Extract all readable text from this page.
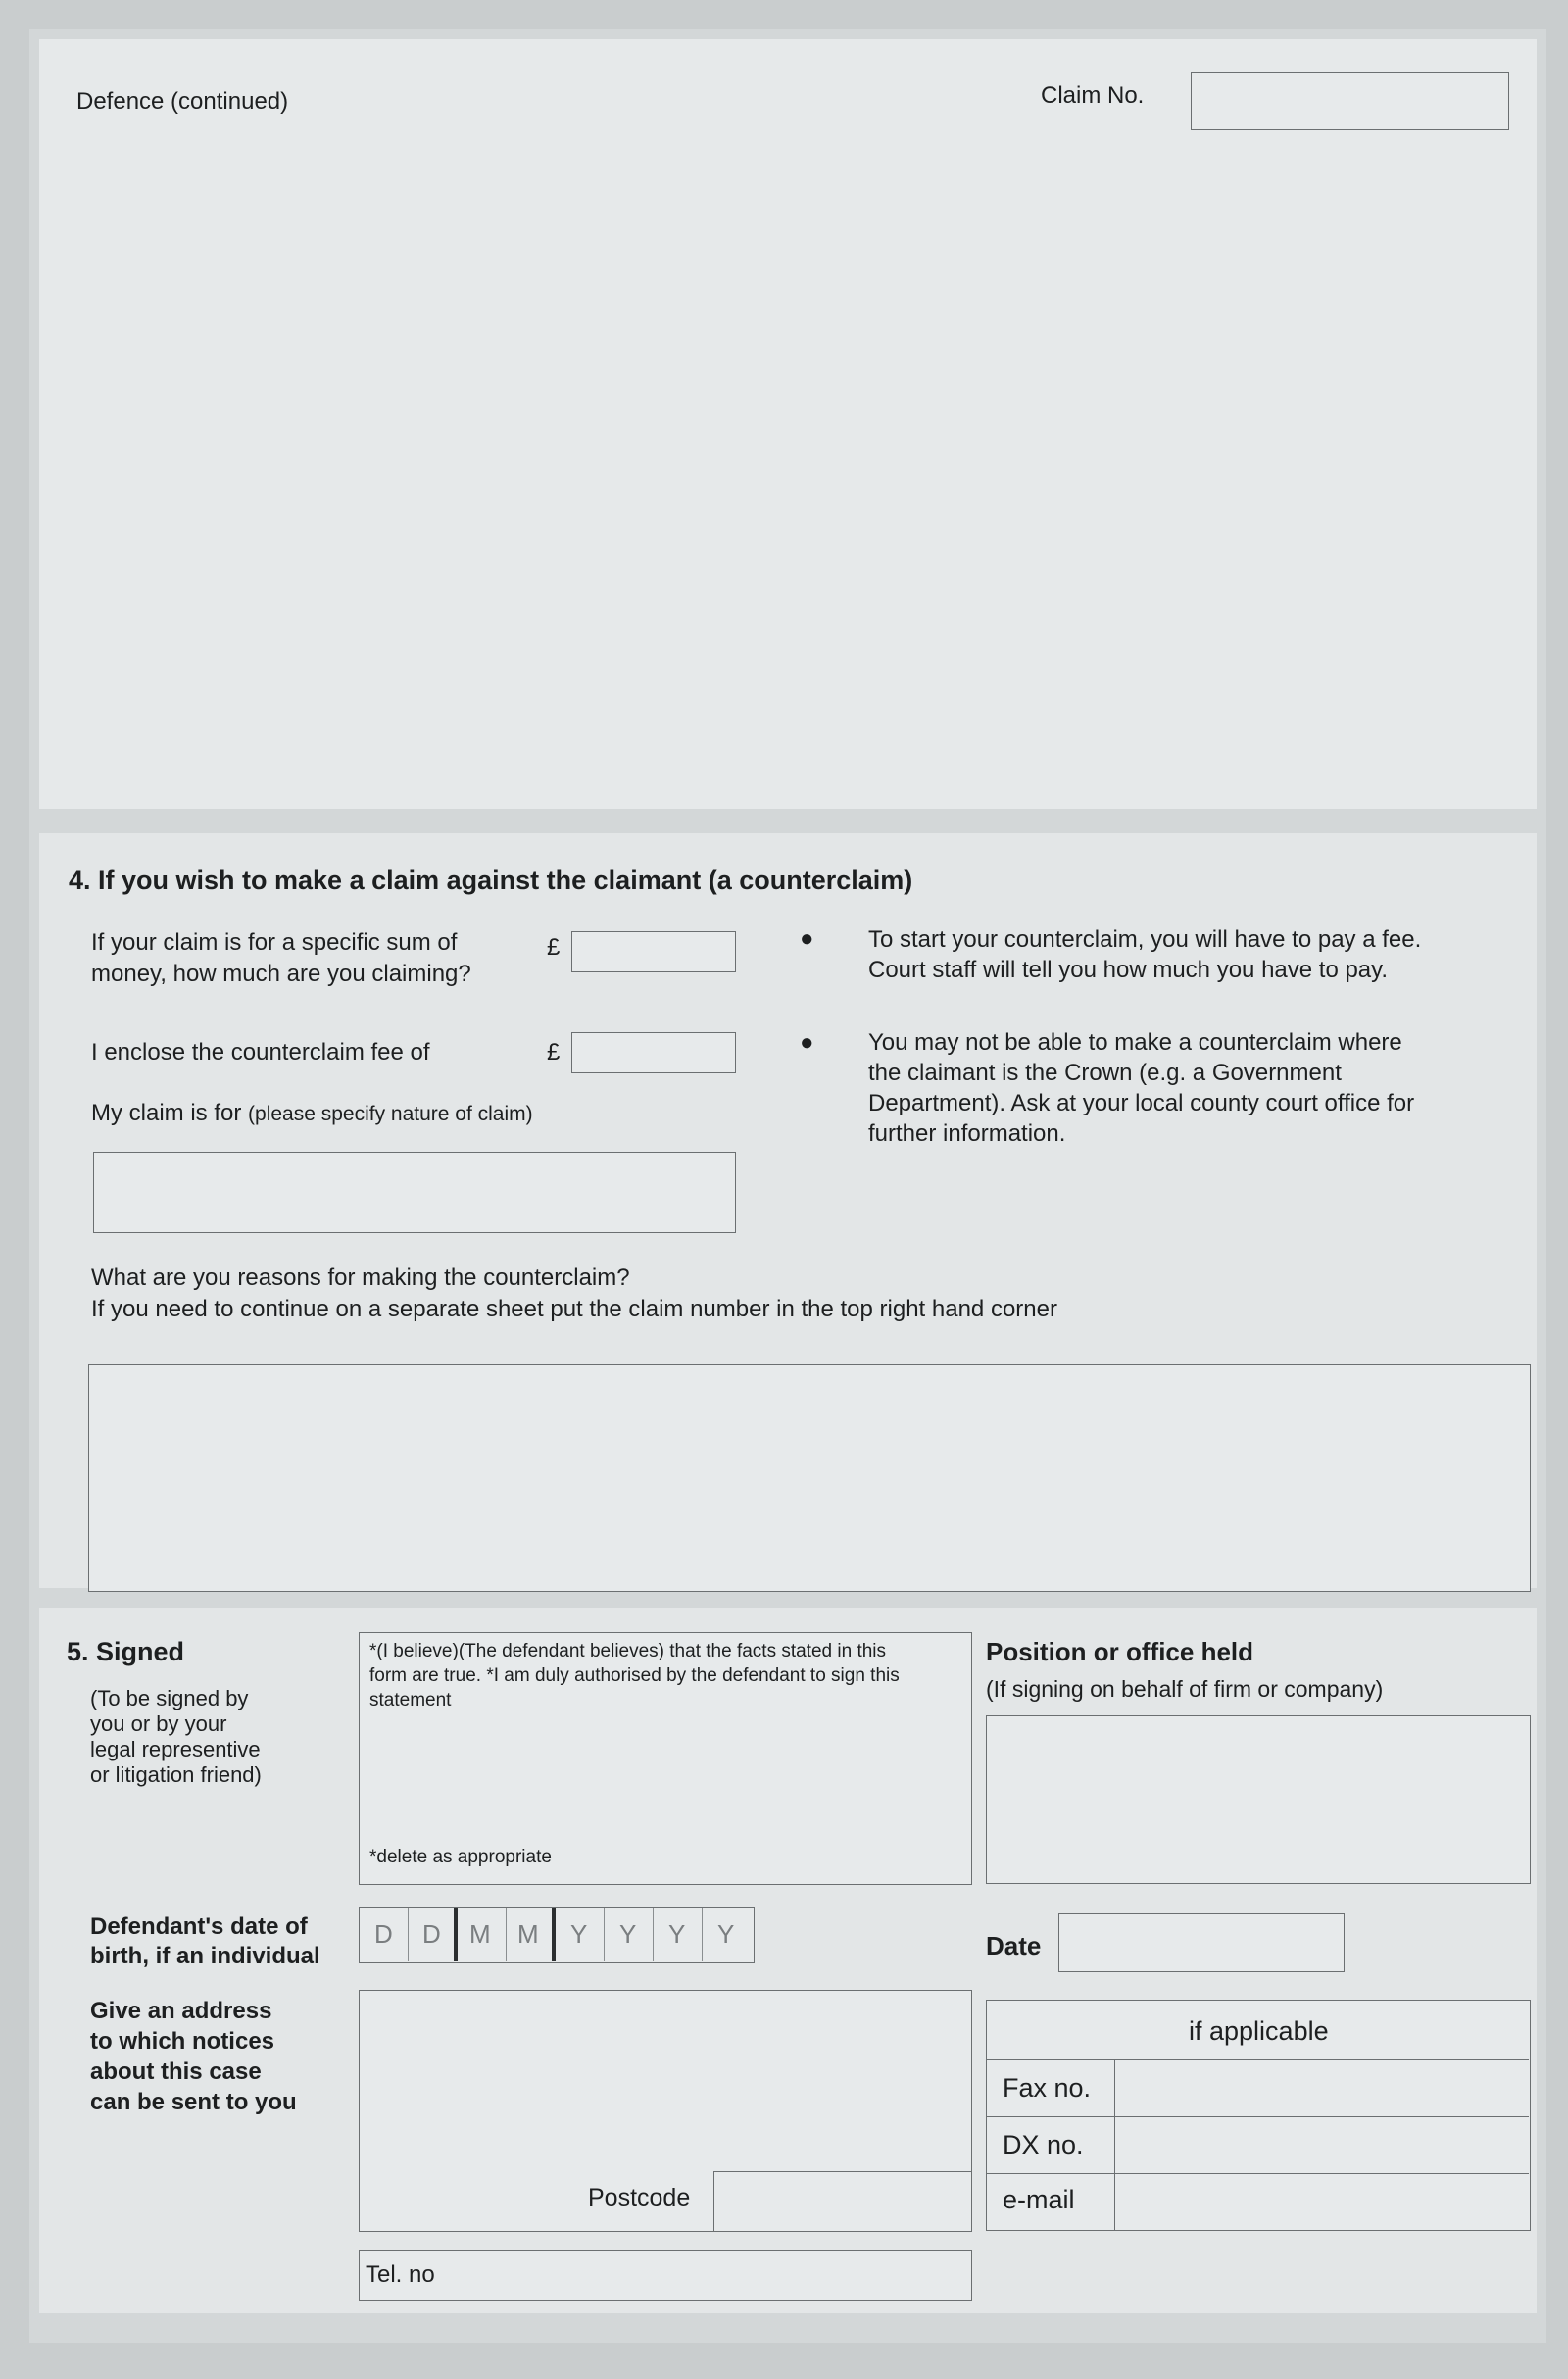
Defence (continued)	Claim No.
4. If you wish to make a claim against the claimant (a counterclaim)
If your claim is for a specific sum of
money, how much are you claiming?
£
I enclose the counterclaim fee of	£
My claim is for (please specify nature of claim)
● To start your counterclaim, you will have to pay a fee.
Court staff will tell you how much you have to pay.
● You may not be able to make a counterclaim where
the claimant is the Crown (e.g. a Government
Department). Ask at your local county court office for
further information.
What are you reasons for making the counterclaim?
If you need to continue on a separate sheet put the claim number in the top right hand corner
5. Signed
(To be signed by
you or by your
legal representive
or litigation friend)
*(I believe)(The defendant believes) that the facts stated in this
form are true. *I am duly authorised by the defendant to sign this
statement
*delete as appropriate
Position or office held
(If signing on behalf of firm or company)
Defendant's date of
birth, if an individual
D D M M Y Y Y Y	Date
Give an address
to which notices
about this case
can be sent to you
Postcode
Tel. no
if applicable
Fax no.
DX no.
e-mail
